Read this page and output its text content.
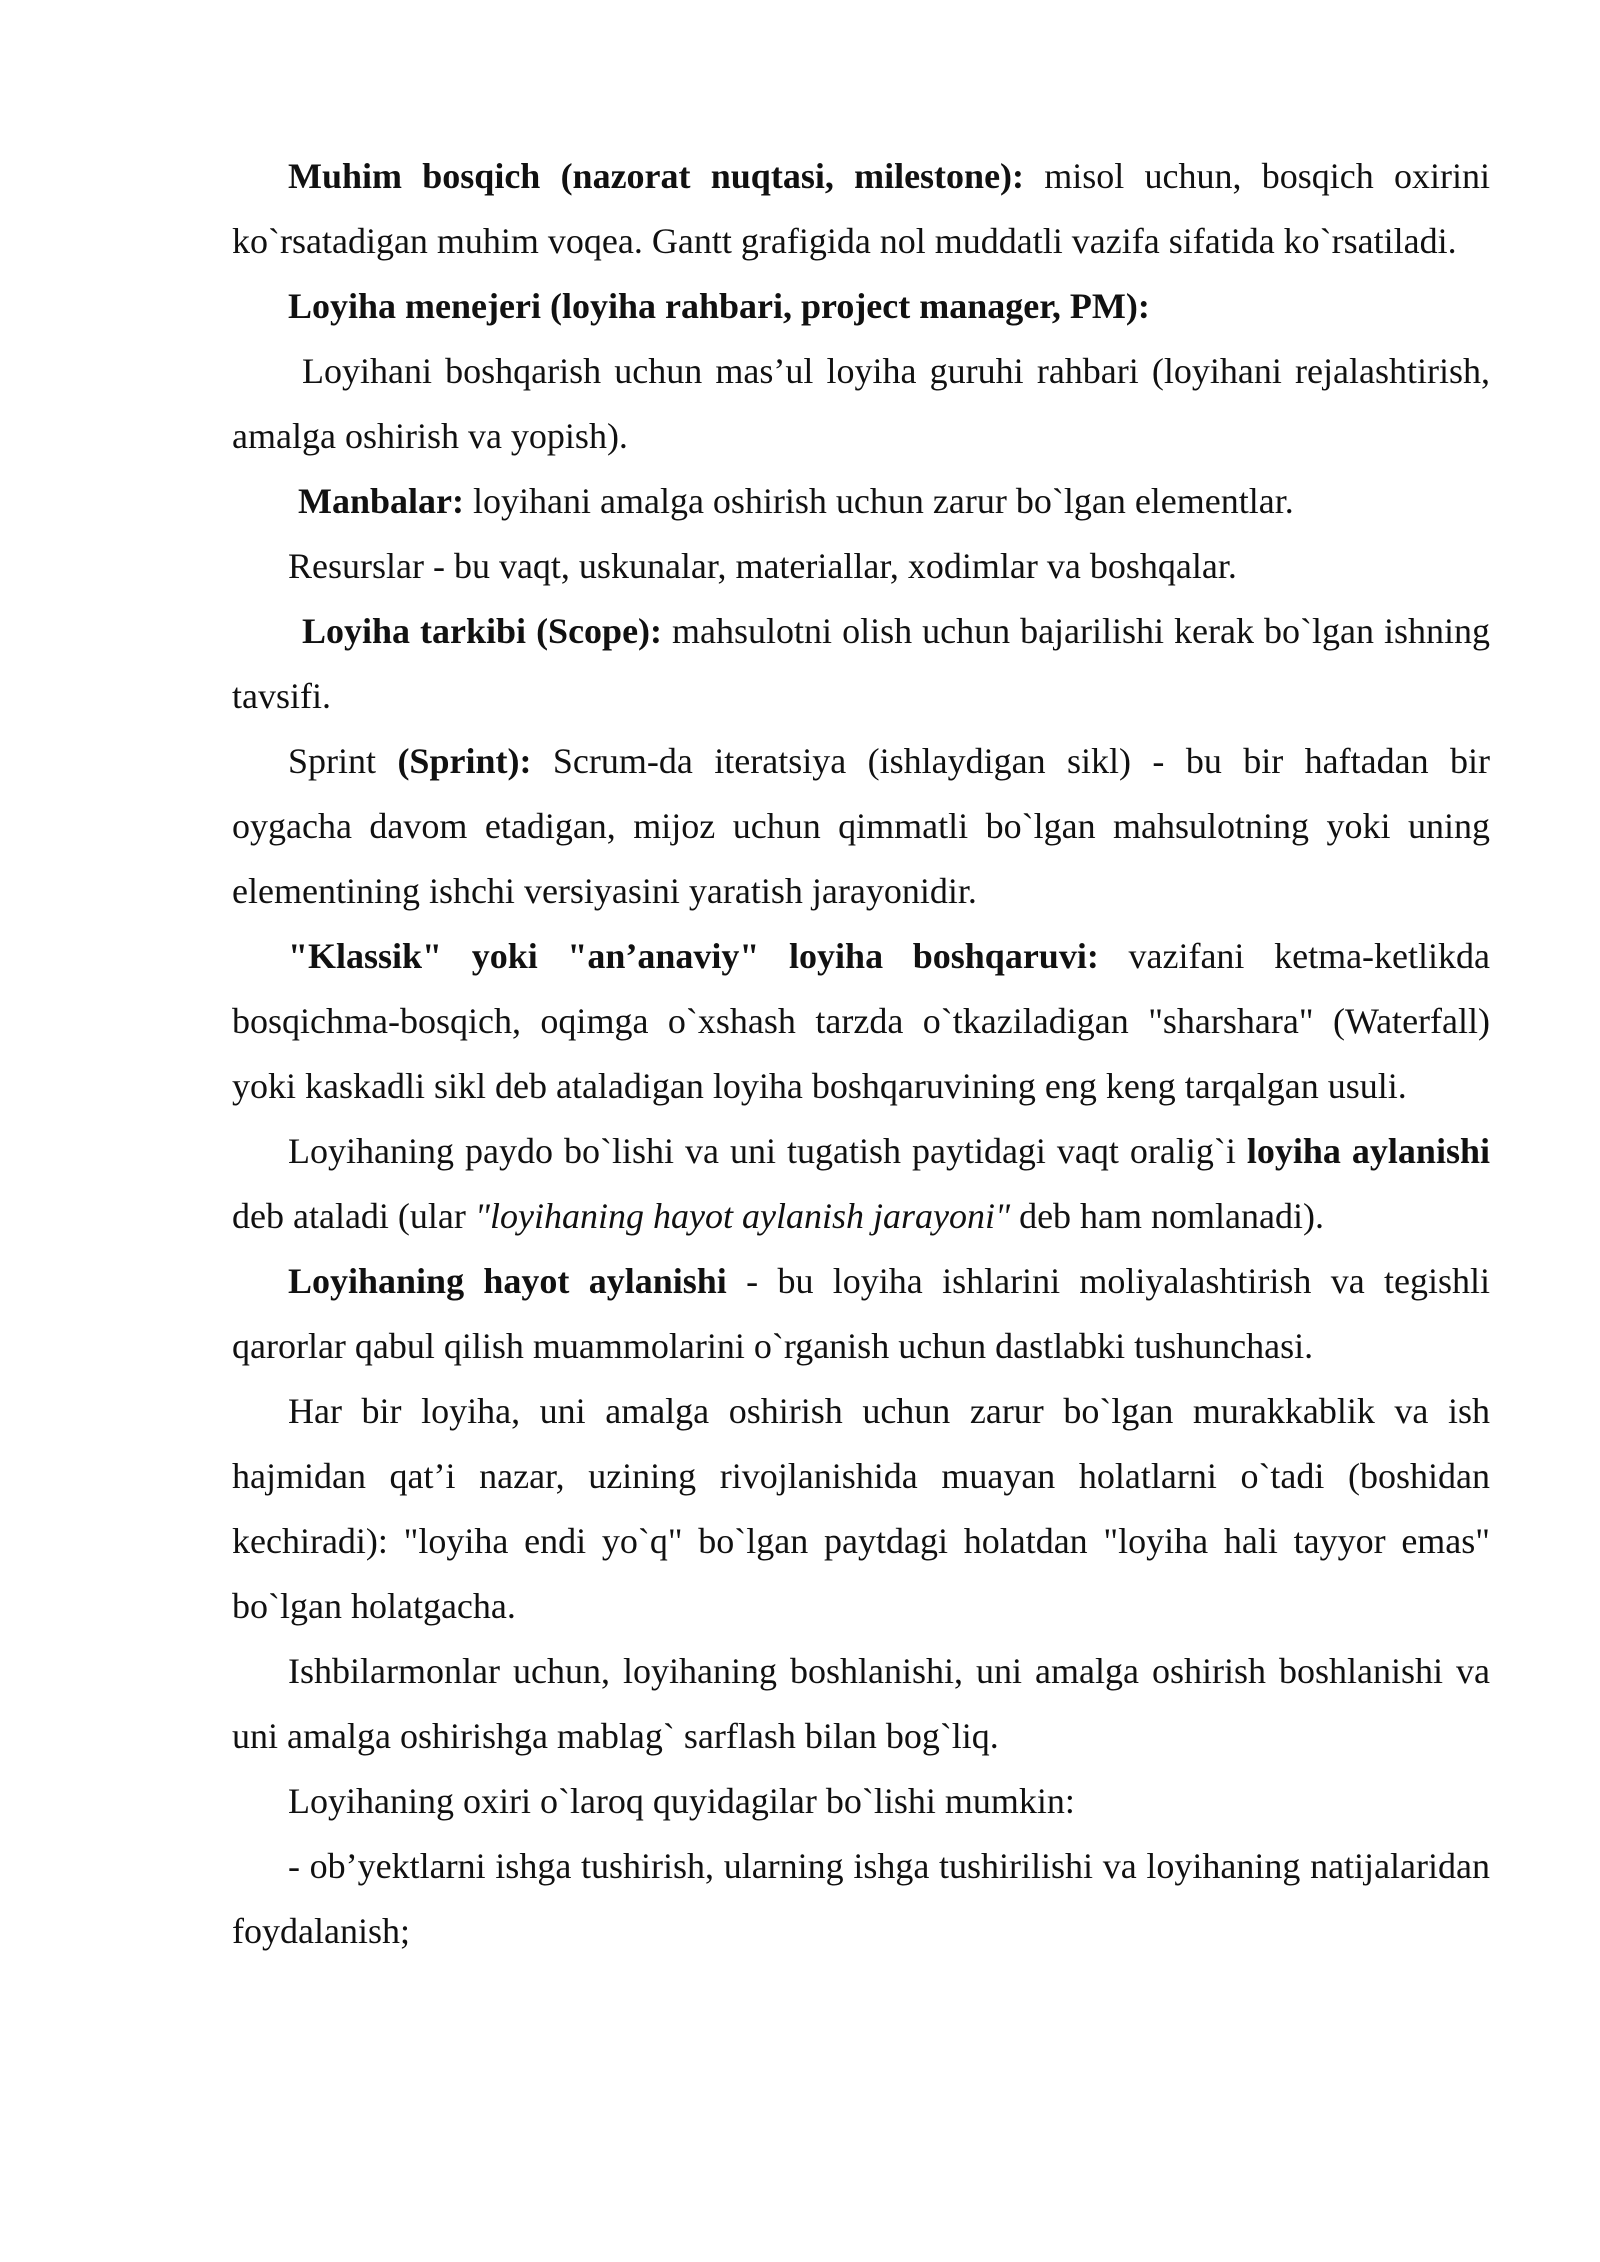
Muhim bosqich (nazorat nuqtasi, milestone): misol uchun, bosqich oxirini ko`rsatadigan muhim voqea. Gantt grafigida nol muddatli vazifa sifatida ko`rsatiladi.

Loyiha menejeri (loyiha rahbari, project manager, PM):

Loyihani boshqarish uchun mas’ul loyiha guruhi rahbari (loyihani rejalashtirish, amalga oshirish va yopish).

Manbalar: loyihani amalga oshirish uchun zarur bo`lgan elementlar.

Resurslar - bu vaqt, uskunalar, materiallar, xodimlar va boshqalar.

Loyiha tarkibi (Scope): mahsulotni olish uchun bajarilishi kerak bo`lgan ishning tavsifi.

Sprint (Sprint): Scrum-da iteratsiya (ishlaydigan sikl) - bu bir haftadan bir oygacha davom etadigan, mijoz uchun qimmatli bo`lgan mahsulotning yoki uning elementining ishchi versiyasini yaratish jarayonidir.

"Klassik" yoki "an’anaviy" loyiha boshqaruvi: vazifani ketma-ketlikda bosqichma-bosqich, oqimga o`xshash tarzda o`tkaziladigan "sharshara" (Waterfall) yoki kaskadli sikl deb ataladigan loyiha boshqaruvining eng keng tarqalgan usuli.

Loyihaning paydo bo`lishi va uni tugatish paytidagi vaqt oralig`i loyiha aylanishi deb ataladi (ular "loyihaning hayot aylanish jarayoni" deb ham nomlanadi).

Loyihaning hayot aylanishi - bu loyiha ishlarini moliyalashtirish va tegishli qarorlar qabul qilish muammolarini o`rganish uchun dastlabki tushunchasi.

Har bir loyiha, uni amalga oshirish uchun zarur bo`lgan murakkablik va ish hajmidan qat’i nazar, uzining rivojlanishida muayan holatlarni o`tadi (boshidan kechiradi): "loyiha endi yo`q" bo`lgan paytdagi holatdan "loyiha hali tayyor emas" bo`lgan holatgacha.

Ishbilarmonlar uchun, loyihaning boshlanishi, uni amalga oshirish boshlanishi va uni amalga oshirishga mablag` sarflash bilan bog`liq.

Loyihaning oxiri o`laroq quyidagilar bo`lishi mumkin:

- ob’yektlarni ishga tushirish, ularning ishga tushirilishi va loyihaning natijalaridan foydalanish;
